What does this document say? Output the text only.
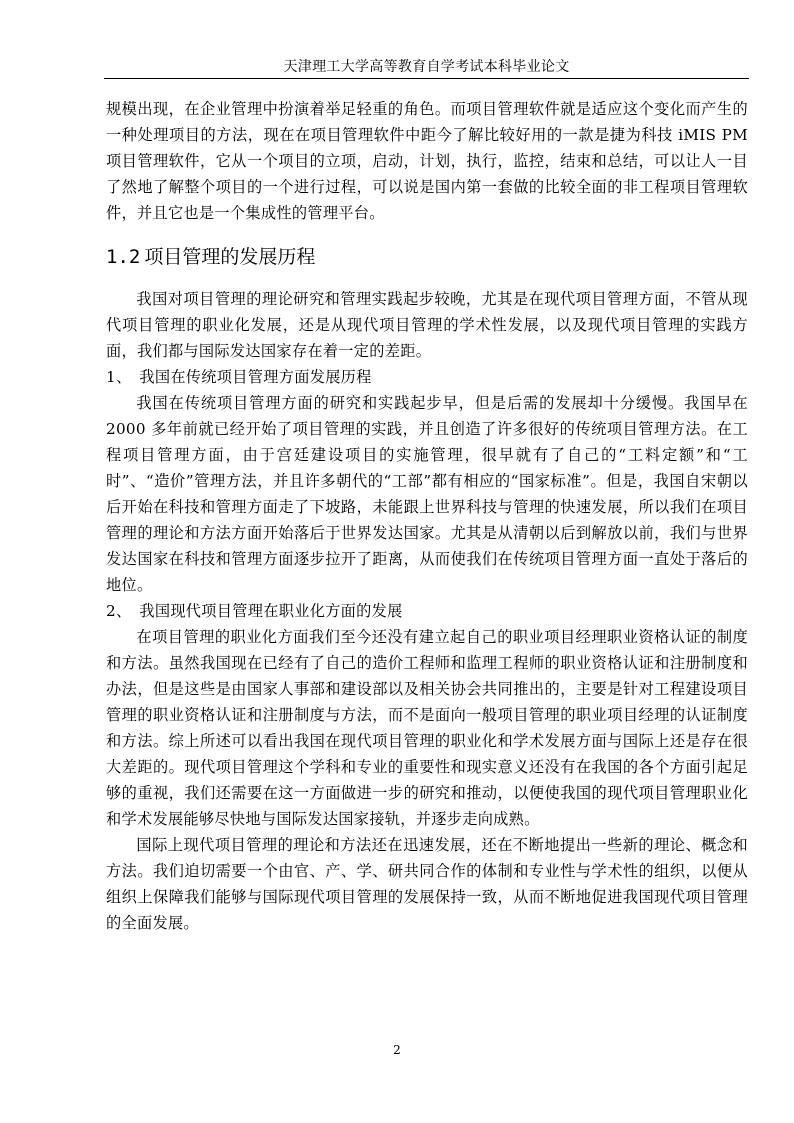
天津理工大学高等教育自学考试本科毕业论文

规模出现，在企业管理中扮演着举足轻重的角色。而项目管理软件就是适应这个变化而产生的一种处理项目的方法，现在在项目管理软件中距今了解比较好用的一款是捷为科技 iMIS PM 项目管理软件，它从一个项目的立项，启动，计划，执行，监控，结束和总结，可以让人一目了然地了解整个项目的一个进行过程，可以说是国内第一套做的比较全面的非工程项目管理软件，并且它也是一个集成性的管理平台。

1.2 项目管理的发展历程

我国对项目管理的理论研究和管理实践起步较晚，尤其是在现代项目管理方面，不管从现代项目管理的职业化发展，还是从现代项目管理的学术性发展，以及现代项目管理的实践方面，我们都与国际发达国家存在着一定的差距。

1、　我国在传统项目管理方面发展历程

我国在传统项目管理方面的研究和实践起步早，但是后需的发展却十分缓慢。我国早在 2000 多年前就已经开始了项目管理的实践，并且创造了许多很好的传统项目管理方法。在工程项目管理方面，由于宫廷建设项目的实施管理，很早就有了自己的“工料定额”和“工时”、“造价”管理方法，并且许多朝代的“工部”都有相应的“国家标准”。但是，我国自宋朝以后开始在科技和管理方面走了下坡路，未能跟上世界科技与管理的快速发展，所以我们在项目管理的理论和方法方面开始落后于世界发达国家。尤其是从清朝以后到解放以前，我们与世界发达国家在科技和管理方面逐步拉开了距离，从而使我们在传统项目管理方面一直处于落后的地位。

2、　我国现代项目管理在职业化方面的发展

在项目管理的职业化方面我们至今还没有建立起自己的职业项目经理职业资格认证的制度和方法。虽然我国现在已经有了自己的造价工程师和监理工程师的职业资格认证和注册制度和办法，但是这些是由国家人事部和建设部以及相关协会共同推出的，主要是针对工程建设项目管理的职业资格认证和注册制度与方法，而不是面向一般项目管理的职业项目经理的认证制度和方法。综上所述可以看出我国在现代项目管理的职业化和学术发展方面与国际上还是存在很大差距的。现代项目管理这个学科和专业的重要性和现实意义还没有在我国的各个方面引起足够的重视，我们还需要在这一方面做进一步的研究和推动，以便使我国的现代项目管理职业化和学术发展能够尽快地与国际发达国家接轨，并逐步走向成熟。

国际上现代项目管理的理论和方法还在迅速发展，还在不断地提出一些新的理论、概念和方法。我们迫切需要一个由官、产、学、研共同合作的体制和专业性与学术性的组织，以便从组织上保障我们能够与国际现代项目管理的发展保持一致，从而不断地促进我国现代项目管理的全面发展。

2
